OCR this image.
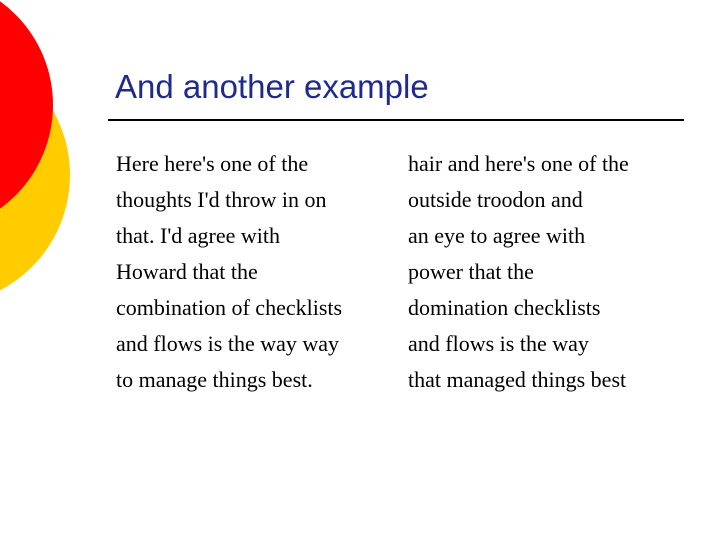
And another example
Here here's one of the
thoughts I'd throw in on
that. I'd agree with
Howard that the
combination of checklists
and flows is the way way
to manage things best.
hair and here's one of the
outside troodon and
an eye to agree with
power that the
domination checklists
and flows is the way
that managed things best
